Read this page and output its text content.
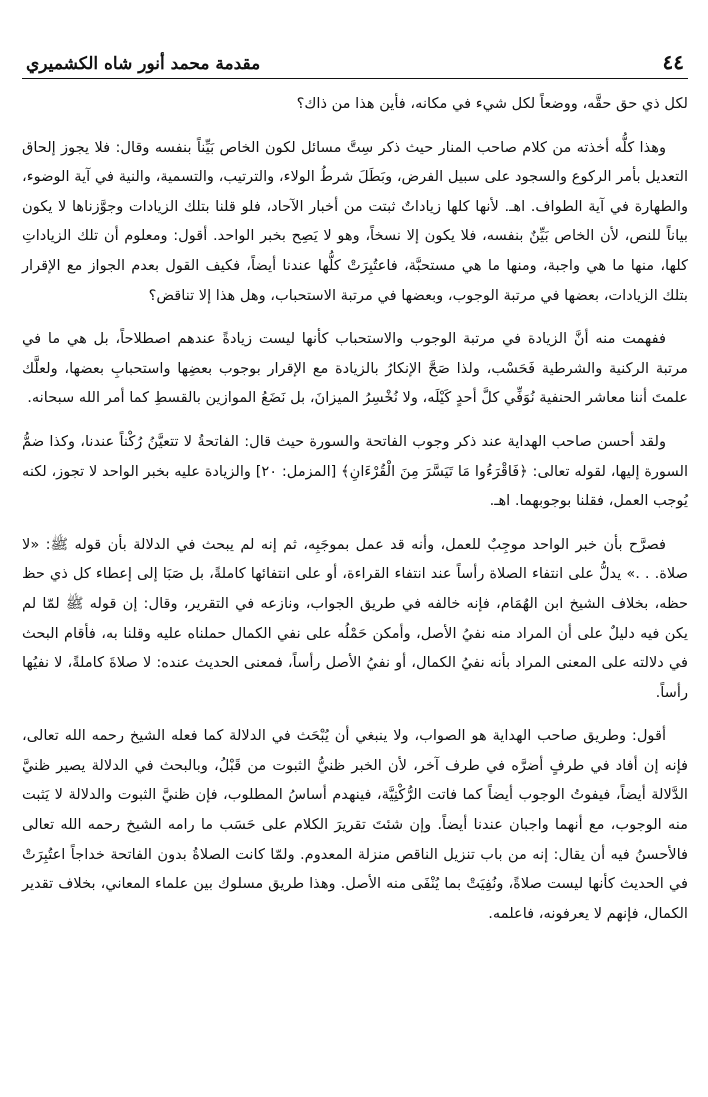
٤٤
مقدمة محمد أنور شاه الكشميري

لكل ذي حق حقَّه، ووضعاً لكل شيء في مكانه، فأين هذا من ذاك؟

وهذا كلُّه أخذته من كلام صاحب المنار حيث ذكر سِتَّ مسائل لكون الخاص بَيِّناً بنفسه وقال: فلا يجوز إلحاق التعديل بأمر الركوع والسجود على سبيل الفرض، وبَطَلَ شرطُ الولاء، والترتيب، والتسمية، والنية في آية الوضوء، والطهارة في آية الطواف. اهـ. لأنها كلها زياداتٌ ثبتت من أخبار الآحاد، فلو قلنا بتلك الزيادات وجوَّزناها لا يكون بياناً للنص، لأن الخاص بَيِّنٌ بنفسه، فلا يكون إلا نسخاً، وهو لا يَصِح بخبر الواحد. أقول: ومعلوم أن تلك الزياداتِ كلها، منها ما هي واجبة، ومنها ما هي مستحبَّة، فاعتُبِرَتْ كلُّها عندنا أيضاً، فكيف القول بعدم الجواز مع الإقرار بتلك الزيادات، بعضها في مرتبة الوجوب، وبعضها في مرتبة الاستحباب، وهل هذا إلا تناقض؟

ففهمت منه أنَّ الزيادة في مرتبة الوجوب والاستحباب كأنها ليست زيادةً عندهم اصطلاحاً، بل هي ما في مرتبة الركنية والشرطية فَحَسْب، ولذا صَحَّ الإنكارُ بالزيادة مع الإقرار بوجوب بعضِها واستحبابِ بعضها، ولعلَّك علمتَ أننا معاشر الحنفية نُوَفِّي كلَّ أحدٍ كَيْلَه، ولا نُخْسِرُ الميزانَ، بل نَضَعُ الموازين بالقسطِ كما أمر الله سبحانه.

ولقد أحسن صاحب الهداية عند ذكر وجوب الفاتحة والسورة حيث قال: الفاتحةُ لا تتعيَّنُ رُكْناً عندنا، وكذا ضمُّ السورة إليها، لقوله تعالى: ﴿فَاقْرَءُوا مَا تَيَسَّرَ مِنَ الْقُرْءَانِ﴾ [المزمل: ٢٠] والزيادة عليه بخبر الواحد لا تجوز، لكنه يُوجب العمل، فقلنا بوجوبهما. اهـ.

فصرَّح بأن خبر الواحد موجِبٌ للعمل، وأنه قد عمل بموجَبِه، ثم إنه لم يبحث في الدلالة بأن قوله ﷺ: «لا صلاة. . .» يدلُّ على انتفاء الصلاة رأساً عند انتفاء القراءة، أو على انتفائها كاملةً، بل صَبَا إلى إعطاء كل ذي حظ حظه، بخلاف الشيخ ابن الهُمَام، فإنه خالفه في طريق الجواب، ونازعه في التقرير، وقال: إن قوله ﷺ لمّا لم يكن فيه دليلٌ على أن المراد منه نفيُ الأصل، وأمكن حَمْلُه على نفي الكمال حملناه عليه وقلنا به، فأقام البحث في دلالته على المعنى المراد بأنه نفيُ الكمال، أو نفيُ الأصل رأساً، فمعنى الحديث عنده: لا صلاةَ كاملةً، لا نفيُها رأساً.

أقول: وطريق صاحب الهداية هو الصواب، ولا ينبغي أن يُبْحَث في الدلالة كما فعله الشيخ رحمه الله تعالى، فإنه إن أفاد في طرفٍ أضرَّه في طرف آخر، لأن الخبر ظنيُّ الثبوت من قَبْلُ، وبالبحث في الدلالة يصير ظنيَّ الدَّلالة أيضاً، فيفوتُ الوجوب أيضاً كما فاتت الرُّكْنِيَّة، فينهدم أساسُ المطلوب، فإن ظنيَّ الثبوت والدلالة لا يَثبت منه الوجوب، مع أنهما واجبان عندنا أيضاً. وإن شئتَ تقريرَ الكلام على حَسَب ما رامه الشيخ رحمه الله تعالى فالأحسنُ فيه أن يقال: إنه من باب تنزيل الناقص منزلة المعدوم. ولمّا كانت الصلاةُ بدون الفاتحة خداجاً اعتُبِرَتْ في الحديث كأنها ليست صلاةً، ونُفِيَتْ بما يُنْفَى منه الأصل. وهذا طريق مسلوك بين علماء المعاني، بخلاف تقدير الكمال، فإنهم لا يعرفونه، فاعلمه.
